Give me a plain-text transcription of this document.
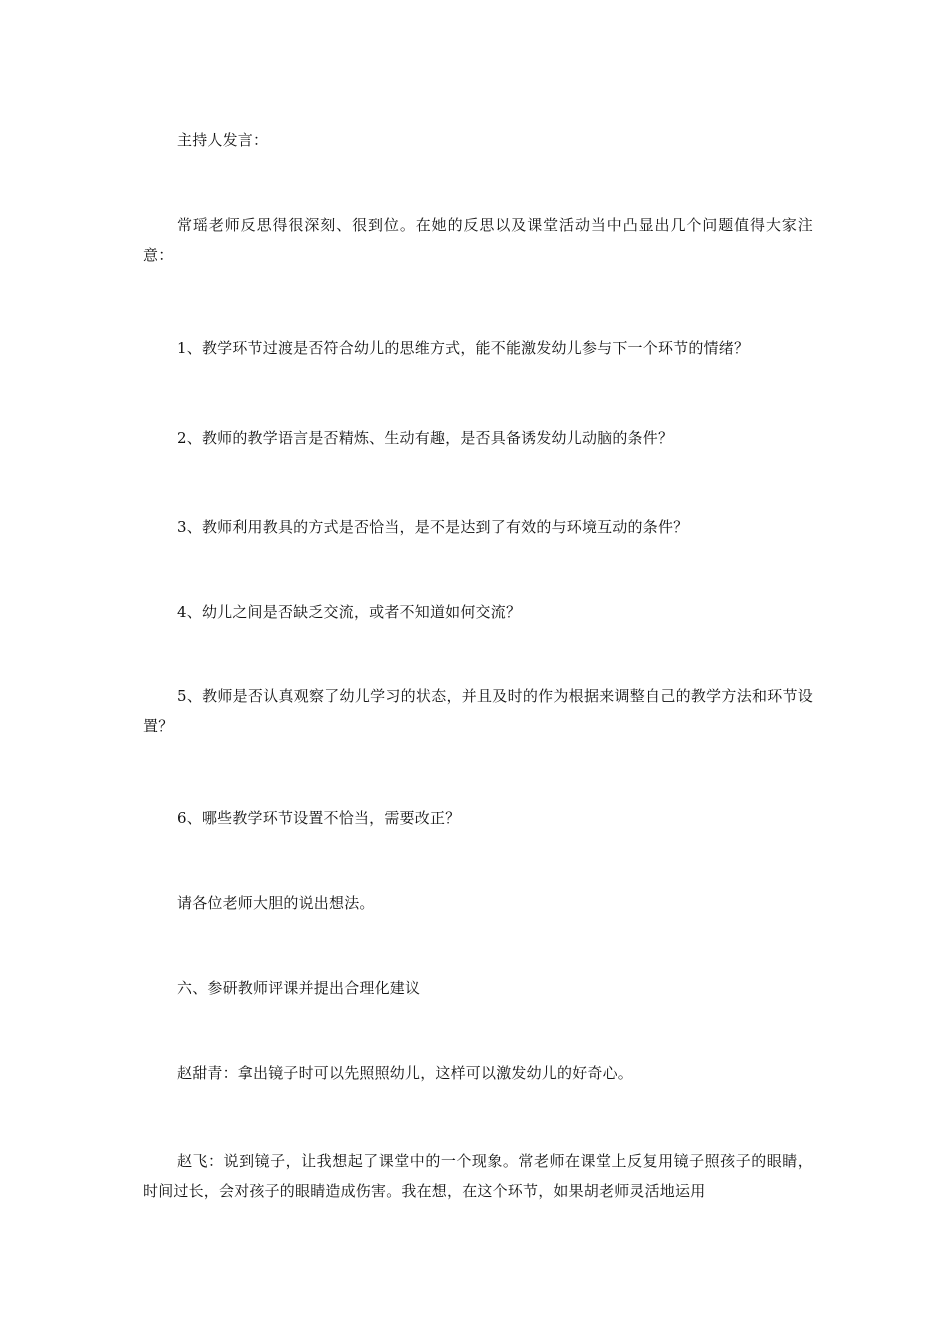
主持人发言：

常瑶老师反思得很深刻、很到位。在她的反思以及课堂活动当中凸显出几个问题值得大家注意：

1、教学环节过渡是否符合幼儿的思维方式，能不能激发幼儿参与下一个环节的情绪？

2、教师的教学语言是否精炼、生动有趣，是否具备诱发幼儿动脑的条件？

3、教师利用教具的方式是否恰当，是不是达到了有效的与环境互动的条件？

4、幼儿之间是否缺乏交流，或者不知道如何交流？

5、教师是否认真观察了幼儿学习的状态，并且及时的作为根据来调整自己的教学方法和环节设置？

6、哪些教学环节设置不恰当，需要改正？

请各位老师大胆的说出想法。

六、参研教师评课并提出合理化建议

赵甜青：拿出镜子时可以先照照幼儿，这样可以激发幼儿的好奇心。

赵飞：说到镜子，让我想起了课堂中的一个现象。常老师在课堂上反复用镜子照孩子的眼睛，时间过长，会对孩子的眼睛造成伤害。我在想，在这个环节，如果胡老师灵活地运用
